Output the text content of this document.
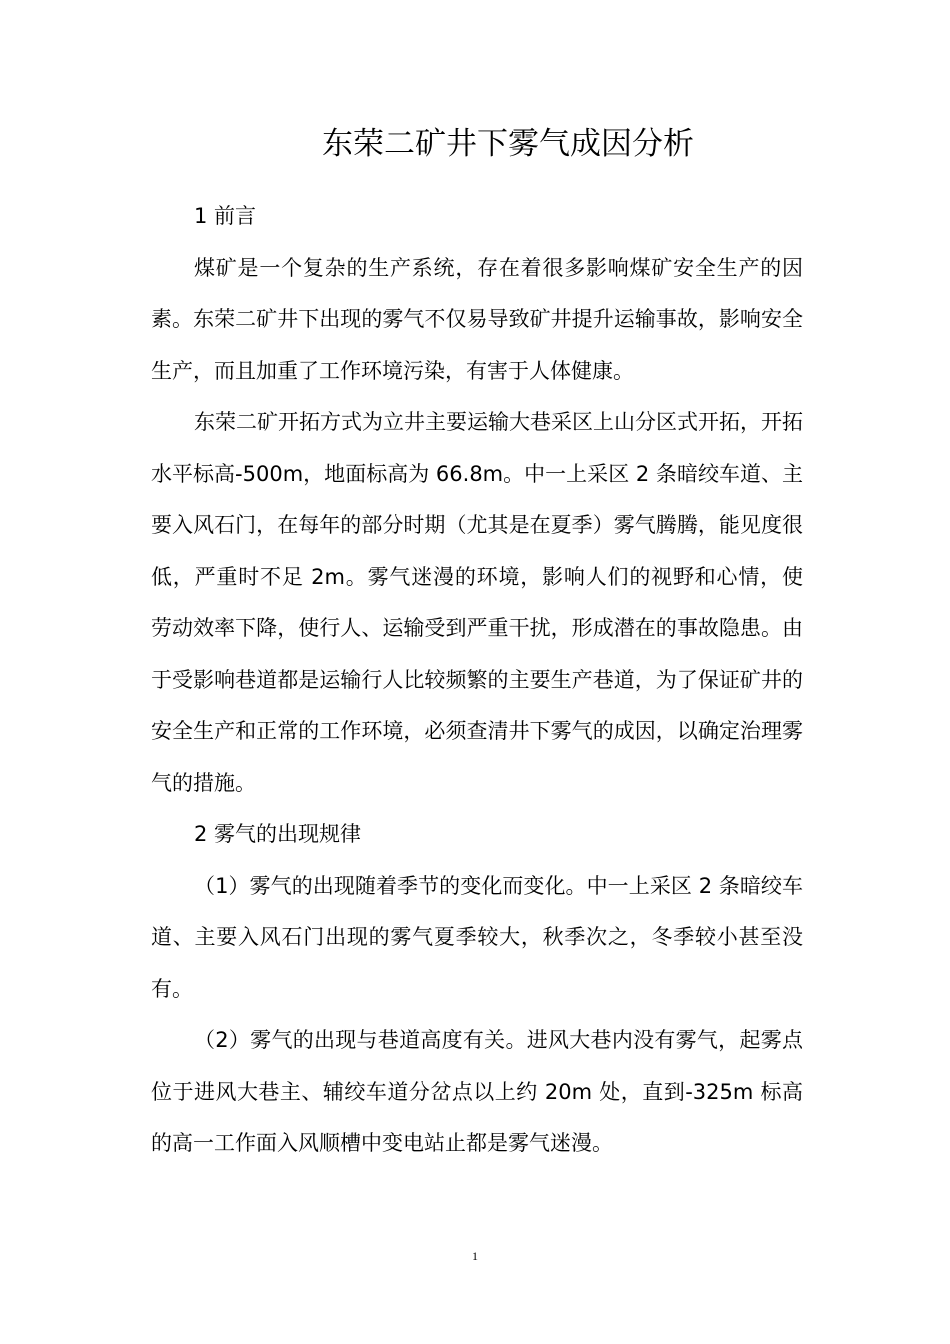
东荣二矿井下雾气成因分析

1 前言

煤矿是一个复杂的生产系统，存在着很多影响煤矿安全生产的因素。东荣二矿井下出现的雾气不仅易导致矿井提升运输事故，影响安全生产，而且加重了工作环境污染，有害于人体健康。

东荣二矿开拓方式为立井主要运输大巷采区上山分区式开拓，开拓水平标高-500m，地面标高为 66.8m。中一上采区 2 条暗绞车道、主要入风石门，在每年的部分时期（尤其是在夏季）雾气腾腾，能见度很低，严重时不足 2m。雾气迷漫的环境，影响人们的视野和心情，使 劳动效率下降，使行人、运输受到严重干扰，形成潜在的事故隐患。由于受影响巷道都是运输行人比较频繁的主要生产巷道，为了保证矿井的安全生产和正常的工作环境，必须查清井下雾气的成因，以确定治理雾气的措施。

2 雾气的出现规律

（1）雾气的出现随着季节的变化而变化。中一上采区 2 条暗绞车道、主要入风石门出现的雾气夏季较大，秋季次之，冬季较小甚至没有。

（2）雾气的出现与巷道高度有关。进风大巷内没有雾气，起雾点位于进风大巷主、辅绞车道分岔点以上约 20m 处，直到-325m 标高的高一工作面入风顺槽中变电站止都是雾气迷漫。

1
